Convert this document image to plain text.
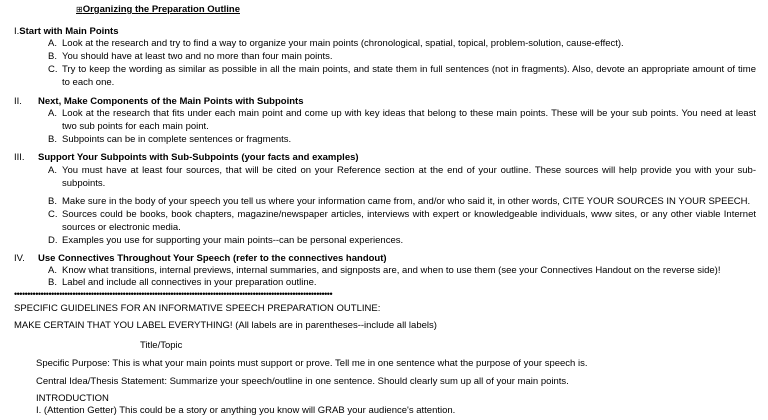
⊞Organizing the Preparation Outline
I.Start with Main Points
A. Look at the research and try to find a way to organize your main points (chronological, spatial, topical, problem-solution, cause-effect).
B. You should have at least two and no more than four main points.
C. Try to keep the wording as similar as possible in all the main points, and state them in full sentences (not in fragments). Also, devote an appropriate amount of time to each one.
II. Next, Make Components of the Main Points with Subpoints
A. Look at the research that fits under each main point and come up with key ideas that belong to these main points. These will be your sub points. You need at least two sub points for each main point.
B. Subpoints can be in complete sentences or fragments.
III. Support Your Subpoints with Sub-Subpoints (your facts and examples)
A. You must have at least four sources, that will be cited on your Reference section at the end of your outline. These sources will help provide you with your sub-subpoints.
B. Make sure in the body of your speech you tell us where your information came from, and/or who said it, in other words, CITE YOUR SOURCES IN YOUR SPEECH.
C. Sources could be books, book chapters, magazine/newspaper articles, interviews with expert or knowledgeable individuals, www sites, or any other viable Internet sources or electronic media.
D. Examples you use for supporting your main points--can be personal experiences.
IV. Use Connectives Throughout Your Speech (refer to the connectives handout)
A. Know what transitions, internal previews, internal summaries, and signposts are, and when to use them (see your Connectives Handout on the reverse side)!
B. Label and include all connectives in your preparation outline.
••••••••••••••••••••••••••••••••••••••••••••••••••••••••••••••••••••••••••••••••••••••••••••••••••••••••••••••••••••••••
SPECIFIC GUIDELINES FOR AN INFORMATIVE SPEECH PREPARATION OUTLINE:
MAKE CERTAIN THAT YOU LABEL EVERYTHING! (All labels are in parentheses--include all labels)
Title/Topic
Specific Purpose: This is what your main points must support or prove. Tell me in one sentence what the purpose of your speech is.
Central Idea/Thesis Statement: Summarize your speech/outline in one sentence. Should clearly sum up all of your main points.
INTRODUCTION
I. (Attention Getter) This could be a story or anything you know will GRAB your audience's attention.
